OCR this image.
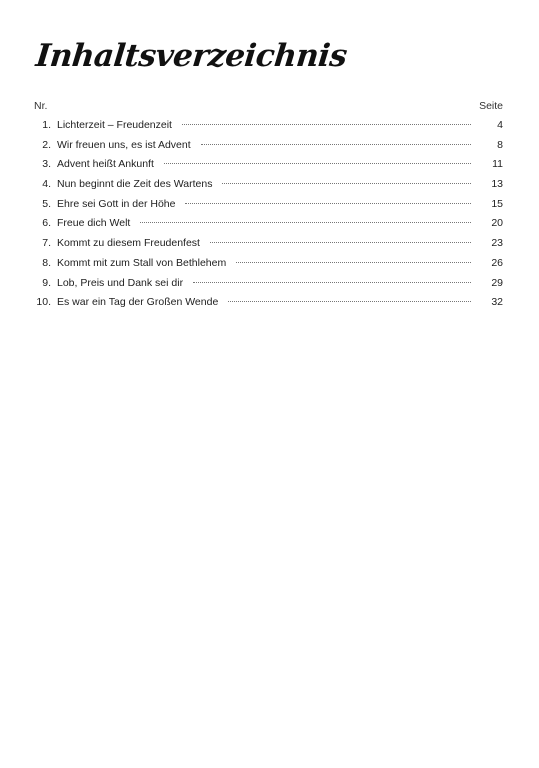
Inhaltsverzeichnis
Nr.	Seite
1. Lichterzeit – Freudenzeit	4
2. Wir freuen uns, es ist Advent	8
3. Advent heißt Ankunft	11
4. Nun beginnt die Zeit des Wartens	13
5. Ehre sei Gott in der Höhe	15
6. Freue dich Welt	20
7. Kommt zu diesem Freudenfest	23
8. Kommt mit zum Stall von Bethlehem	26
9. Lob, Preis und Dank sei dir	29
10. Es war ein Tag der Großen Wende	32
